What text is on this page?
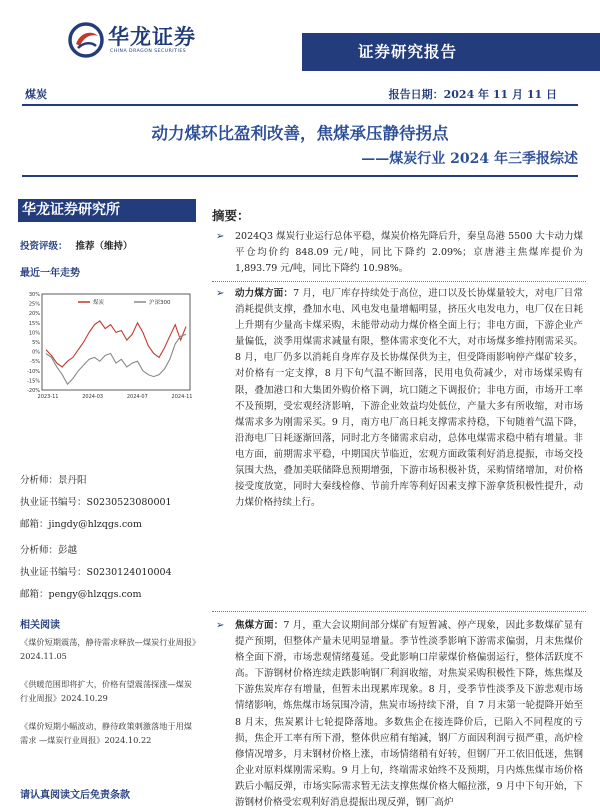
华龙证券
CHINA DRAGON SECURITIES	证券研究报告
煤炭	报告日期：2024 年 11 月 11 日
动力煤环比盈利改善，焦煤承压静待拐点
——煤炭行业 2024 年三季报综述
华龙证券研究所
投资评级： 推荐（维持）
最近一年走势
30%
25%
20%
15%
10%
5%
0%
-5%
-10%
-15%
-20%
2023-11	2024-03	2024-07	2024-11
煤炭	沪深300
分析师：景丹阳
执业证书编号：S0230523080001
邮箱：jingdy@hlzqgs.com
分析师：彭越
执业证书编号：S0230124010004
邮箱：pengy@hlzqgs.com
相关阅读
《煤价短期震荡，静待需求释放—煤炭行业周报》2024.11.05
《供暖范围即将扩大，价格有望震荡探涨—煤炭行业周报》2024.10.29
《煤价短期小幅波动，静待政策刺激落地于用煤需求 —煤炭行业周报》2024.10.22
请认真阅读文后免责条款
摘要：
➢ 2024Q3 煤炭行业运行总体平稳，煤炭价格先降后升，秦皇岛港 5500 大卡动力煤平仓均价约 848.09 元/吨，同比下降约 2.09%；京唐港主焦煤库提价为 1,893.79 元/吨，同比下降约 10.98%。
➢ 动力煤方面：7 月，电厂库存持续处于高位，进口以及长协煤量较大，对电厂日常消耗提供支撑，叠加水电、风电发电量增幅明显，挤压火电发电力，电厂仅在日耗上升期有少量高卡煤采购，未能带动动力煤价格全面上行；非电方面，下游企业产量偏低，淡季用煤需求减量有限，整体需求变化不大，对市场煤多维持刚需采买。8 月，电厂仍多以消耗自身库存及长协煤保供为主，但受降雨影响停产煤矿较多，对价格有一定支撑，8 月下旬气温不断回落，民用电负荷减少，对市场煤采购有限，叠加港口和大集团外购价格下调，坑口随之下调报价；非电方面，市场开工率不及预期，受宏观经济影响，下游企业效益均处低位，产量大多有所收缩，对市场煤需求多为刚需采买。9 月，南方电厂高日耗支撑需求持稳，下旬随着气温下降，沿海电厂日耗逐渐回落，同时北方冬储需求启动，总体电煤需求稳中稍有增量。非电方面，前期需求平稳，中期国庆节临近，宏观方面政策利好消息提振，市场交投氛围大热，叠加美联储降息预期增强，下游市场积极补货，采购情绪增加，对价格接受度放宽，同时大秦线检修、节前升库等利好因素支撑下游拿货积极性提升，动力煤价格持续上行。
➢ 焦煤方面：7 月，重大会议期间部分煤矿有短暂减、停产现象，因此多数煤矿显有提产预期，但整体产量未见明显增量。季节性淡季影响下游需求偏弱，月末焦煤价格全面下滑，市场悲观情绪蔓延。受此影响口岸蒙煤价格偏弱运行，整体活跃度不高。下游钢材价格连续走跌影响钢厂利润收缩，对焦炭采购积极性下降，炼焦煤及下游焦炭库存有增量，但暂未出现累库现象。8 月，受季节性淡季及下游悲观市场情绪影响，炼焦煤市场氛围冷清，焦炭市场持续下滑，自 7 月末第一轮提降开始至 8 月末，焦炭累计七轮提降落地。多数焦企在接连降价后，已陷入不同程度的亏损，焦企开工率有所下滑，整体供应稍有缩减，钢厂方面因利润亏损严重，高炉检修情况增多，月末钢材价格上涨，市场情绪稍有好转，但钢厂开工依旧低迷，焦钢企业对原料煤刚需采购。9 月上旬，终端需求始终不及预期，月内炼焦煤市场价格跌后小幅反弹，市场实际需求暂无法支撑焦煤价格大幅拉涨，9 月中下旬开始，下游钢材价格受宏观利好消息提振出现反弹，钢厂高炉
